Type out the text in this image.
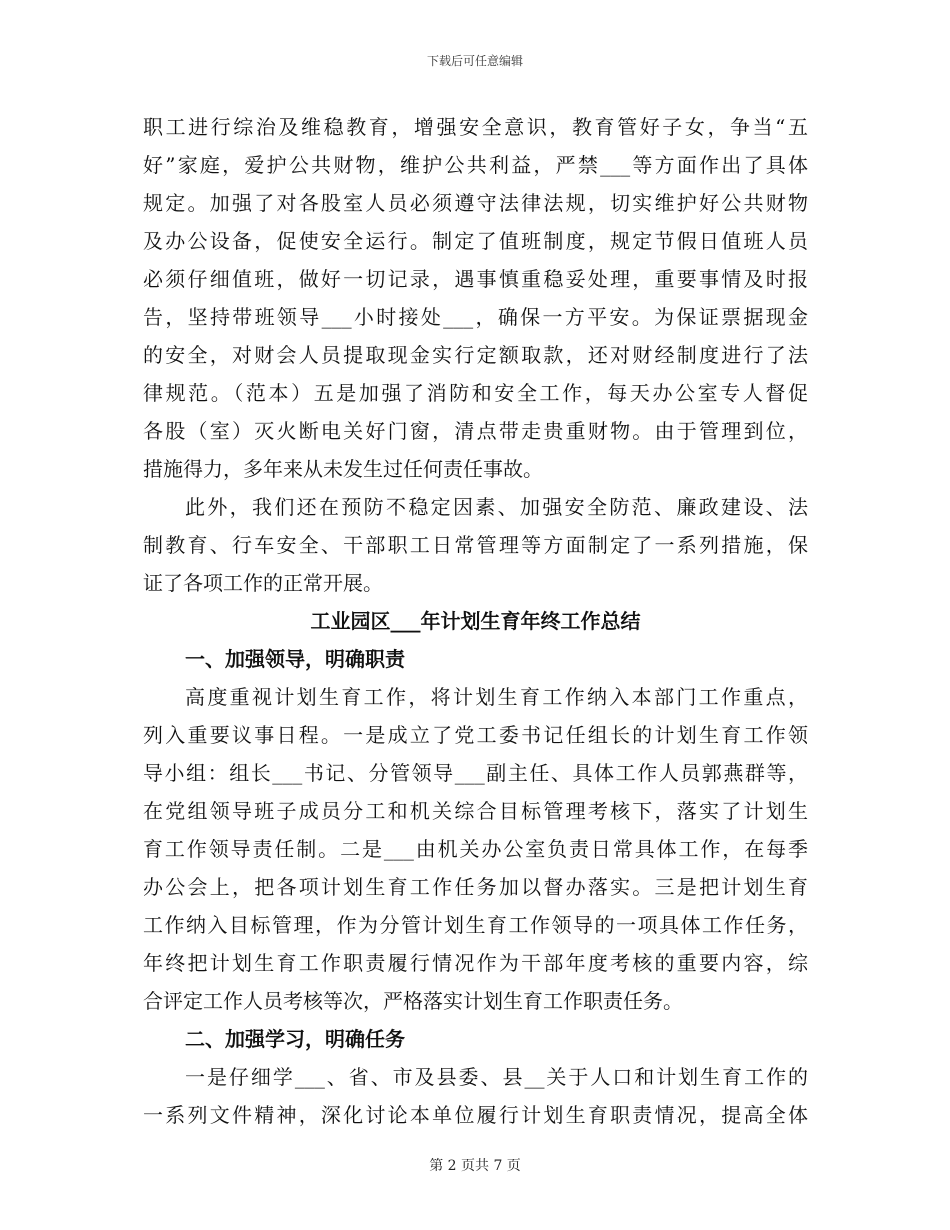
下载后可任意编辑
职工进行综治及维稳教育，增强安全意识，教育管好子女，争当“五
好”家庭，爱护公共财物，维护公共利益，严禁___等方面作出了具体
规定。加强了对各股室人员必须遵守法律法规，切实维护好公共财物
及办公设备，促使安全运行。制定了值班制度，规定节假日值班人员
必须仔细值班，做好一切记录，遇事慎重稳妥处理，重要事情及时报
告，坚持带班领导___小时接处___，确保一方平安。为保证票据现金
的安全，对财会人员提取现金实行定额取款，还对财经制度进行了法
律规范。（范本）五是加强了消防和安全工作，每天办公室专人督促
各股（室）灭火断电关好门窗，清点带走贵重财物。由于管理到位，
措施得力，多年来从未发生过任何责任事故。
此外，我们还在预防不稳定因素、加强安全防范、廉政建设、法
制教育、行车安全、干部职工日常管理等方面制定了一系列措施，保
证了各项工作的正常开展。
工业园区___年计划生育年终工作总结
一、加强领导，明确职责
高度重视计划生育工作，将计划生育工作纳入本部门工作重点，
列入重要议事日程。一是成立了党工委书记任组长的计划生育工作领
导小组：组长___书记、分管领导___副主任、具体工作人员郭燕群等，
在党组领导班子成员分工和机关综合目标管理考核下，落实了计划生
育工作领导责任制。二是___由机关办公室负责日常具体工作，在每季
办公会上，把各项计划生育工作任务加以督办落实。三是把计划生育
工作纳入目标管理，作为分管计划生育工作领导的一项具体工作任务，
年终把计划生育工作职责履行情况作为干部年度考核的重要内容，综
合评定工作人员考核等次，严格落实计划生育工作职责任务。
二、加强学习，明确任务
一是仔细学___、省、市及县委、县__关于人口和计划生育工作的
一系列文件精神，深化讨论本单位履行计划生育职责情况，提高全体
第 2 页共 7 页
